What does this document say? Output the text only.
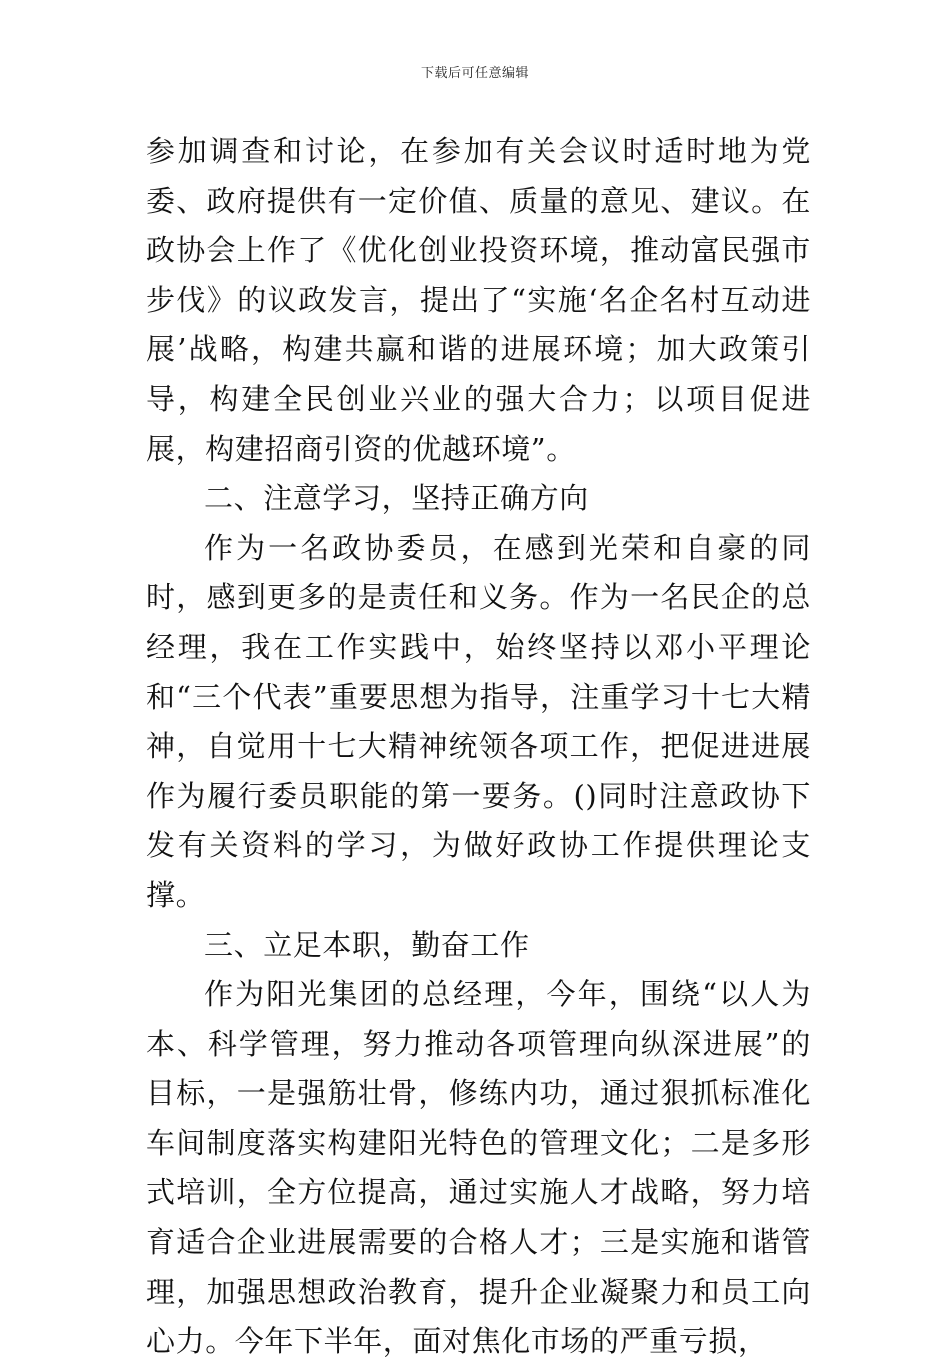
下载后可任意编辑

参加调查和讨论，在参加有关会议时适时地为党委、政府提供有一定价值、质量的意见、建议。在政协会上作了《优化创业投资环境，推动富民强市步伐》的议政发言，提出了“实施‘名企名村互动进展’战略，构建共赢和谐的进展环境；加大政策引导，构建全民创业兴业的强大合力；以项目促进展，构建招商引资的优越环境”。

二、注意学习，坚持正确方向

作为一名政协委员，在感到光荣和自豪的同时，感到更多的是责任和义务。作为一名民企的总经理，我在工作实践中，始终坚持以邓小平理论和“三个代表”重要思想为指导，注重学习十七大精神，自觉用十七大精神统领各项工作，把促进进展作为履行委员职能的第一要务。()同时注意政协下发有关资料的学习，为做好政协工作提供理论支撑。

三、立足本职，勤奋工作

作为阳光集团的总经理，今年，围绕“以人为本、科学管理，努力推动各项管理向纵深进展”的目标，一是强筋壮骨，修练内功，通过狠抓标准化车间制度落实构建阳光特色的管理文化；二是多形式培训，全方位提高，通过实施人才战略，努力培育适合企业进展需要的合格人才；三是实施和谐管理，加强思想政治教育，提升企业凝聚力和员工向心力。今年下半年，面对焦化市场的严重亏损，
